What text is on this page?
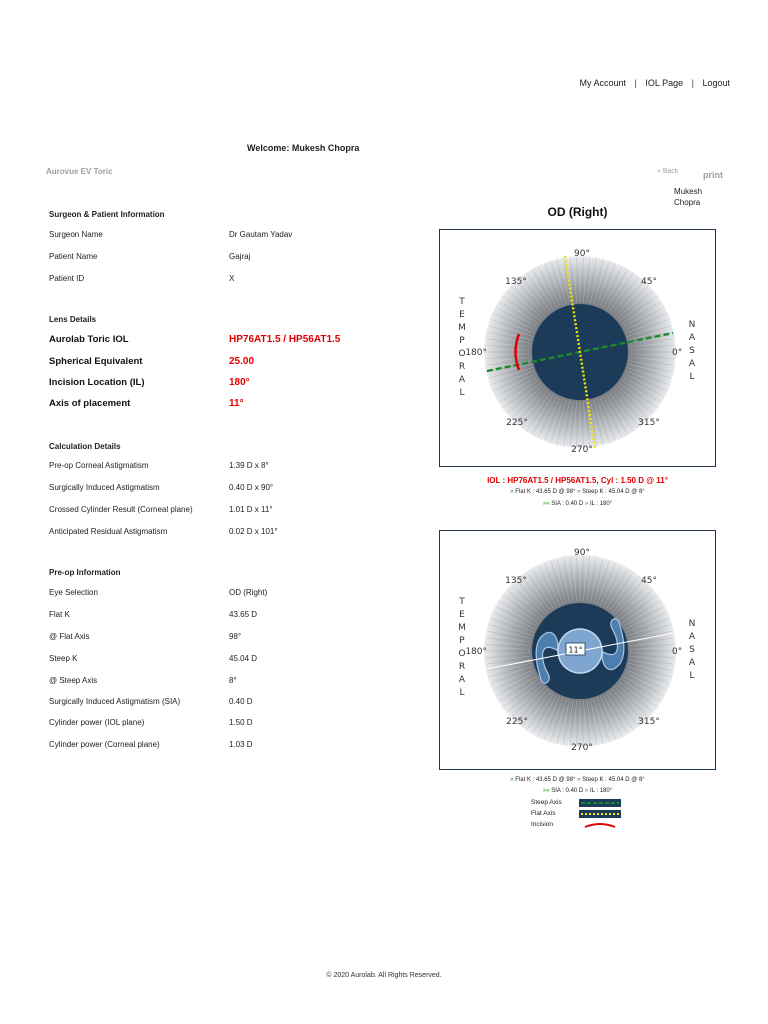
My Account | IOL Page | Logout
Welcome: Mukesh Chopra
Aurovue EV Toric	« Back	print
Mukesh Chopra
Surgeon & Patient Information
Surgeon Name	Dr Gautam Yadav
Patient Name	Gajraj
Patient ID	X
Lens Details
Aurolab Toric IOL	HP76AT1.5 / HP56AT1.5
Spherical Equivalent	25.00
Incision Location (IL)	180°
Axis of placement	11°
Calculation Details
Pre-op Corneal Astigmatism	1.39 D x 8°
Surgically Induced Astigmatism	0.40 D x 90°
Crossed Cylinder Result (Corneal plane)	1.01 D x 11°
Anticipated Residual Astigmatism	0.02 D x 101°
Pre-op Information
Eye Selection	OD (Right)
Flat K	43.65 D
@ Flat Axis	98°
Steep K	45.04 D
@ Steep Axis	8°
Surgically Induced Astigmatism (SIA)	0.40 D
Cylinder power (IOL plane)	1.50 D
Cylinder power (Corneal plane)	1.03 D
OD (Right)
90°
135°	45°
180°	0°
225°	315°
270°
T
E
M
P
O
R
A
L
N
A
S
A
L
IOL : HP76AT1.5 / HP56AT1.5, Cyl : 1.50 D @ 11°
» Flat K : 43.65 D @ 98° » Steep K : 45.04 D @ 8°
»» SIA : 0.40 D » IL : 180°
11°
90°
135°	45°
180°	0°
225°	315°
270°
T
E
M
P
O
R
A
L
N
A
S
A
L
» Flat K : 43.65 D @ 98° » Steep K : 45.04 D @ 8°
»» SIA : 0.40 D » IL : 180°
Steep Axis
Flat Axis
Incision
© 2020 Aurolab. All Rights Reserved.
